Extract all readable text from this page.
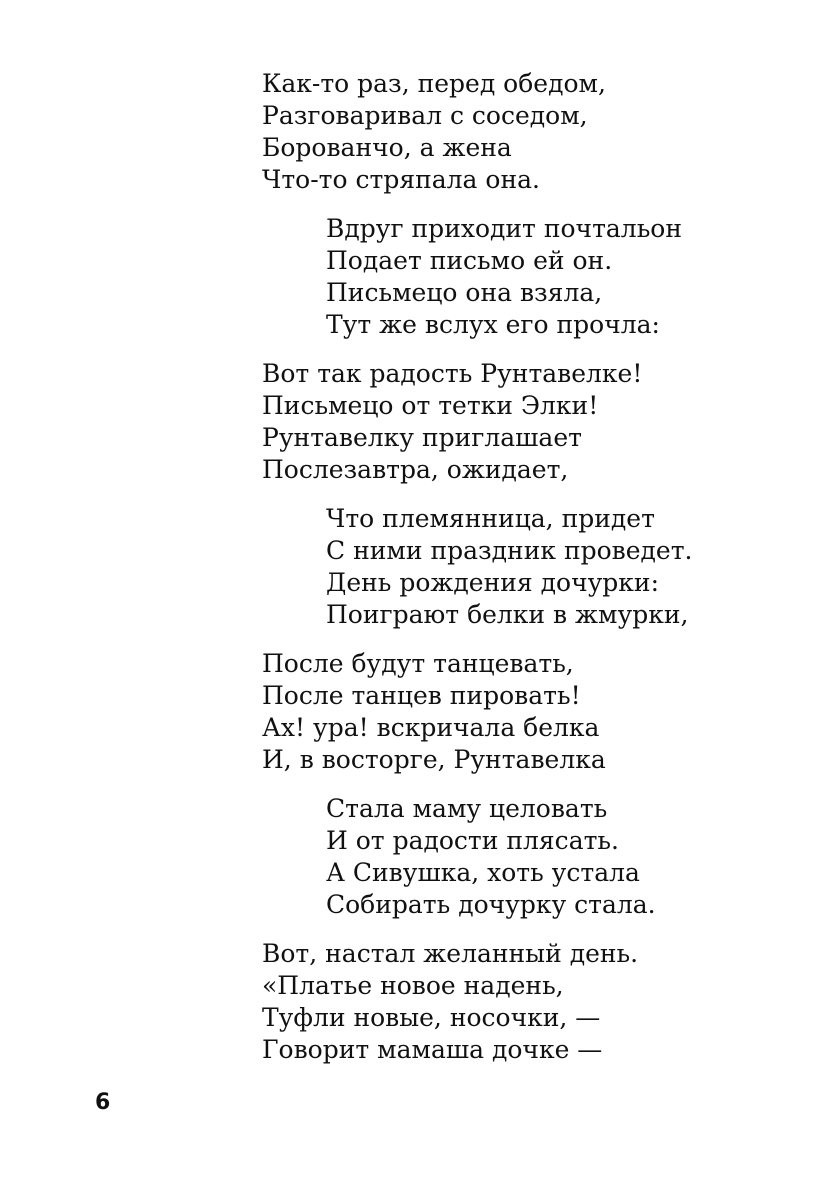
Как-то раз, перед обедом,
Разговаривал с соседом,
Борованчо, а жена
Что-то стряпала она.
Вдруг приходит почтальон
Подает письмо ей он.
Письмецо она взяла,
Тут же вслух его прочла:
Вот так радость Рунтавелке!
Письмецо от тетки Элки!
Рунтавелку приглашает
Послезавтра, ожидает,
Что племянница, придет
С ними праздник проведет.
День рождения дочурки:
Поиграют белки в жмурки,
После будут танцевать,
После танцев пировать!
Ах! ура! вскричала белка
И, в восторге, Рунтавелка
Стала маму целовать
И от радости плясать.
А Сивушка, хоть устала
Собирать дочурку стала.
Вот, настал желанный день.
«Платье новое надень,
Туфли новые, носочки, —
Говорит мамаша дочке —
6
